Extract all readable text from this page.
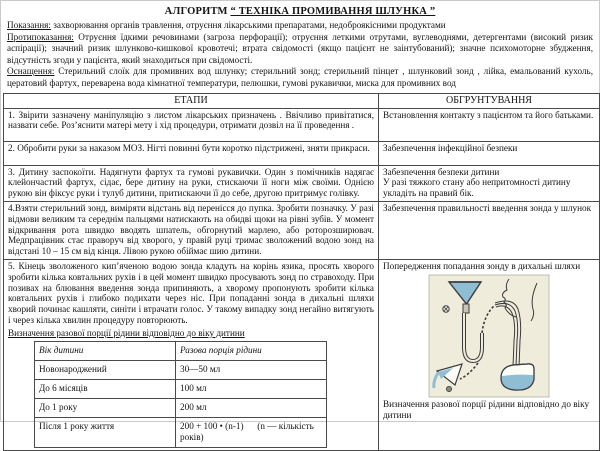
АЛГОРИТМ “ ТЕХНІКА ПРОМИВАННЯ ШЛУНКА ”

Показання: захворювання органів травлення, отруєння лікарськими препаратами, недоброякісними продуктами

Протипоказання: Отруєння їдкими речовинами (загроза перфорації); отруєння леткими отрутами, вуглеводнями, детергентами (високий ризик аспірації); значний ризик шлунково-кишкової кровотечі; втрата свідомості (якщо пацієнт не заінтубований); значне психомоторне збудження, відсутність згоди у пацієнта, який знаходиться при свідомості.

Оснащення: Стерильний слоїк для промивних вод шлунку; стерильний зонд; стерильний пінцет , шлунковий зонд , лійка, емальований кухоль, цератовий фартух, переварена вода кімнатної температури, пелюшки, гумові рукавички, миска для промивних вод

ЕТАПИ	ОБГРУНТУВАННЯ
1. Звірити зазначену маніпуляцію з листом лікарських призначень . Ввічливо привітатися, назвати себе. Роз’яснити матері мету і хід процедури, отримати дозвіл на її проведення .	
Встановлення контакту з пацієнтом та його батьками.

2. Обробити руки за наказом МОЗ. Нігті повинні бути коротко підстрижені, зняти прикраси.	Забезпечення інфекційної безпеки

3. Дитину заспокоїти. Надягнути фартух та гумові рукавички. Один з помічників надягає клейончастий фартух, сідає, бере дитину на руки, стискаючи її ноги між своїми. Однією рукою він фіксує руки і тулуб дитини, притискаючи її до себе, другою притримує голівку.	
Забезпечення безпеки дитини
У разі тяжкого стану або непритомності дитину укладіть на правий бік.

4.Взяти стерильний зонд, виміряти відстань від перенісся до пупка. Зробити позначку. У разі відмови великим та середнім пальцями натискають на обидві щоки на рівні зубів. У момент відкривання рота швидко вводять шпатель, обгорнутий марлею, або роторозширювач. Медпрацівник стає праворуч від хворого, у правій руці тримає зволожений водою зонд на відстані 10 – 15 см від кінця. Лівою рукою обіймає шию дитини.	
Забезпечення правильності введення зонда у шлунок

5. Кінець зволоженого кип’яченою водою зонда кладуть на корінь язика, просять хворого зробити кілька ковтальних рухів і в цей момент швидко просувають зонд по стравоходу. При позивах на блювання введення зонда припиняють, а хворому пропонують зробити кілька ковтальних рухів і глибоко подихати через ніс. При попаданні зонда в дихальні шляхи хворий починає кашляти, синіти і втрачати голос. У такому випадку зонд негайно витягують і через кілька хвилин процедуру повторюють.
Визначення разової порції рідини відповідно до віку дитини
Вік дитини	Разова порція рідини
Новонароджений	30—50 мл
До 6 місяців	100 мл
До 1 року	200 мл
Після 1 року життя	200 + 100 • (n-1)      (n — кількість років)

Попередження попадання зонду в дихальні шляхи
Визначення разової порції рідини відповідно до віку дитини
